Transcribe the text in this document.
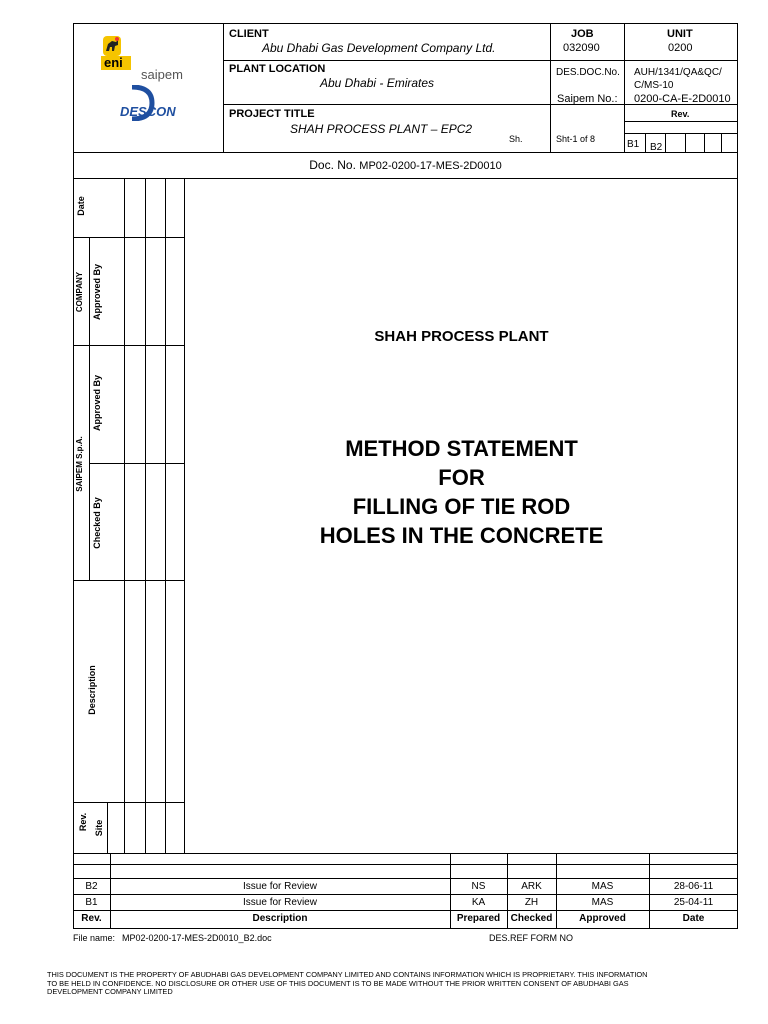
eni
saipem
DESCON
CLIENT
Abu Dhabi Gas Development Company Ltd.
PLANT LOCATION
Abu Dhabi - Emirates
PROJECT TITLE
SHAH PROCESS PLANT – EPC2
Sh.
JOB
032090
UNIT
0200
DES.DOC.No. AUH/1341/QA&QC/
C/MS-10
Saipem No.: 0200-CA-E-2D0010
Rev.
Sht-1 of 8	B1 B2
Doc. No. MP02-0200-17-MES-2D0010
Date
COMPANY Approved By
Approved By
SAIPEM S.p.A.
Checked By
Description
Rev. Site
SHAH PROCESS PLANT
METHOD STATEMENT
FOR
FILLING OF TIE ROD
HOLES IN THE CONCRETE
B2	Issue for Review	NS	ARK	MAS	28-06-11
B1	Issue for Review	KA	ZH	MAS	25-04-11
Rev.	Description	Prepared	Checked	Approved	Date
File name: MP02-0200-17-MES-2D0010_B2.doc	DES.REF FORM NO
THIS DOCUMENT IS THE PROPERTY OF ABUDHABI GAS DEVELOPMENT COMPANY LIMITED AND CONTAINS INFORMATION WHICH IS PROPRIETARY. THIS INFORMATION
TO BE HELD IN CONFIDENCE. NO DISCLOSURE OR OTHER USE OF THIS DOCUMENT IS TO BE MADE WITHOUT THE PRIOR WRITTEN CONSENT OF ABUDHABI GAS
DEVELOPMENT COMPANY LIMITED
